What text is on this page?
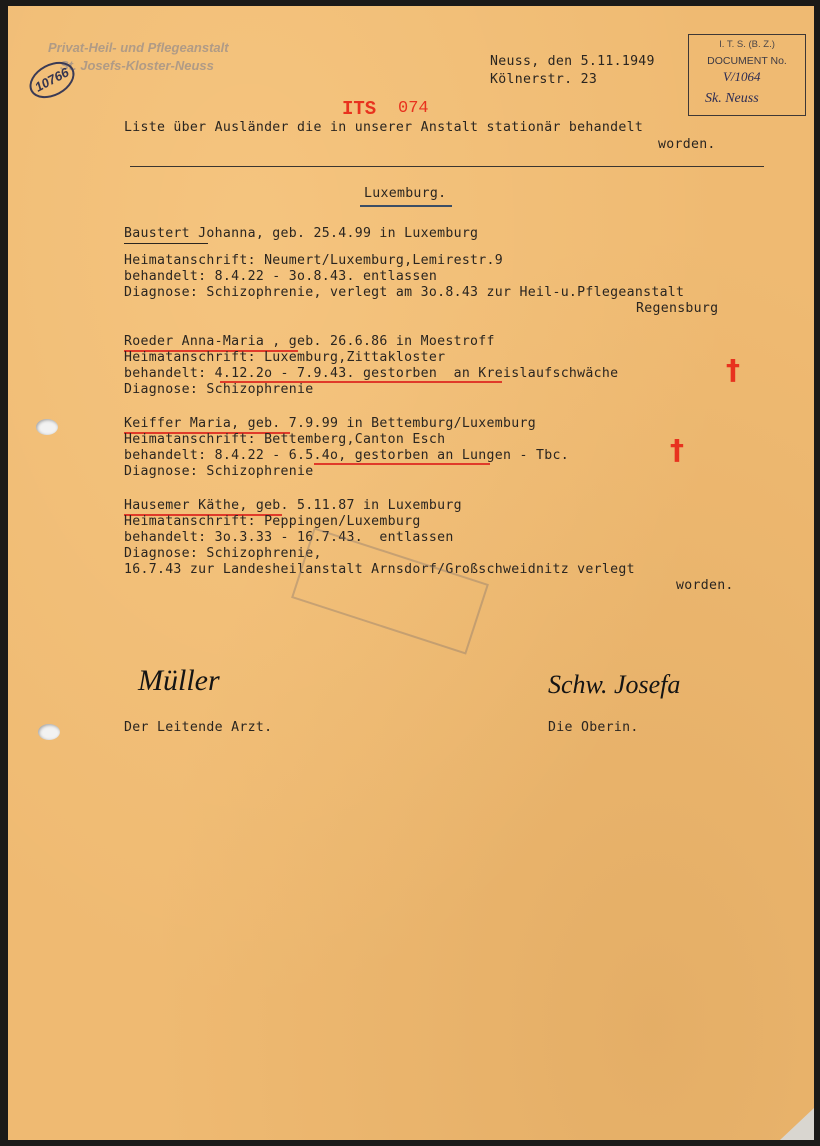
Privat-Heil- und Pflegeanstalt
St. Josefs-Kloster-Neuss
10766
Neuss, den 5.11.1949
Kölnerstr. 23
I. T. S. (B. Z.)
DOCUMENT No.
V/1064
Sk. Neuss
ITS 074
Liste über Ausländer die in unserer Anstalt stationär behandelt
worden.
Luxemburg.
Baustert Johanna, geb. 25.4.99 in Luxemburg
Heimatanschrift: Neumert/Luxemburg,Lemirestr.9
behandelt: 8.4.22 - 3o.8.43. entlassen
Diagnose: Schizophrenie, verlegt am 3o.8.43 zur Heil-u.Pflegeanstalt
Regensburg
Roeder Anna-Maria , geb. 26.6.86 in Moestroff
Heimatanschrift: Luxemburg,Zittakloster
behandelt: 4.12.2o - 7.9.43. gestorben  an Kreislaufschwäche
Diagnose: Schizophrenie
†
Keiffer Maria, geb. 7.9.99 in Bettemburg/Luxemburg
Heimatanschrift: Bettemberg,Canton Esch
behandelt: 8.4.22 - 6.5.4o, gestorben an Lungen - Tbc.
Diagnose: Schizophrenie
†
Hausemer Käthe, geb. 5.11.87 in Luxemburg
Heimatanschrift: Peppingen/Luxemburg
behandelt: 3o.3.33 - 16.7.43.  entlassen
Diagnose: Schizophrenie,
16.7.43 zur Landesheilanstalt Arnsdorf/Großschweidnitz verlegt
worden.
Müller
Der Leitende Arzt.
Schw. Josefa
Die Oberin.
